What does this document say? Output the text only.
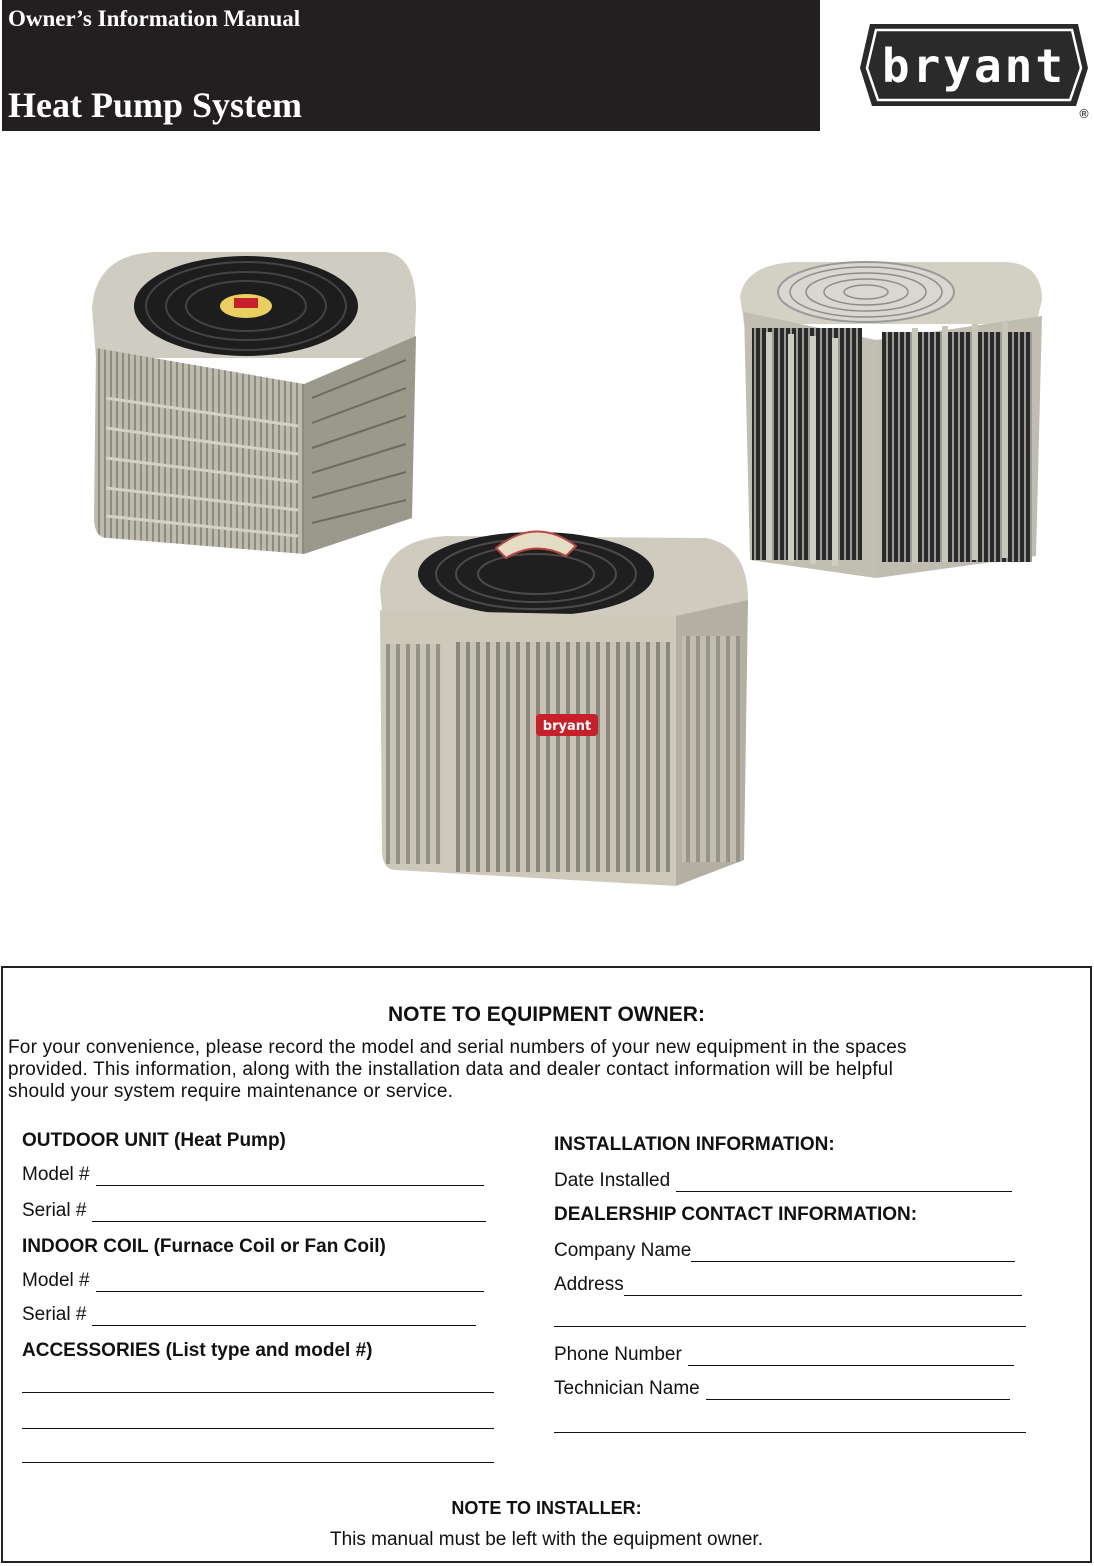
Owner’s Information Manual
Heat Pump System
bryant
®
bryant
NOTE TO EQUIPMENT OWNER:
For your convenience, please record the model and serial numbers of your new equipment in the spaces
provided. This information, along with the installation data and dealer contact information will be helpful
should your system require maintenance or service.
OUTDOOR UNIT (Heat Pump)
Model #
Serial #
INDOOR COIL (Furnace Coil or Fan Coil)
Model #
Serial #
ACCESSORIES (List type and model #)
INSTALLATION INFORMATION:
Date Installed
DEALERSHIP CONTACT INFORMATION:
Company Name
Address
Phone Number
Technician Name
NOTE TO INSTALLER:
This manual must be left with the equipment owner.
